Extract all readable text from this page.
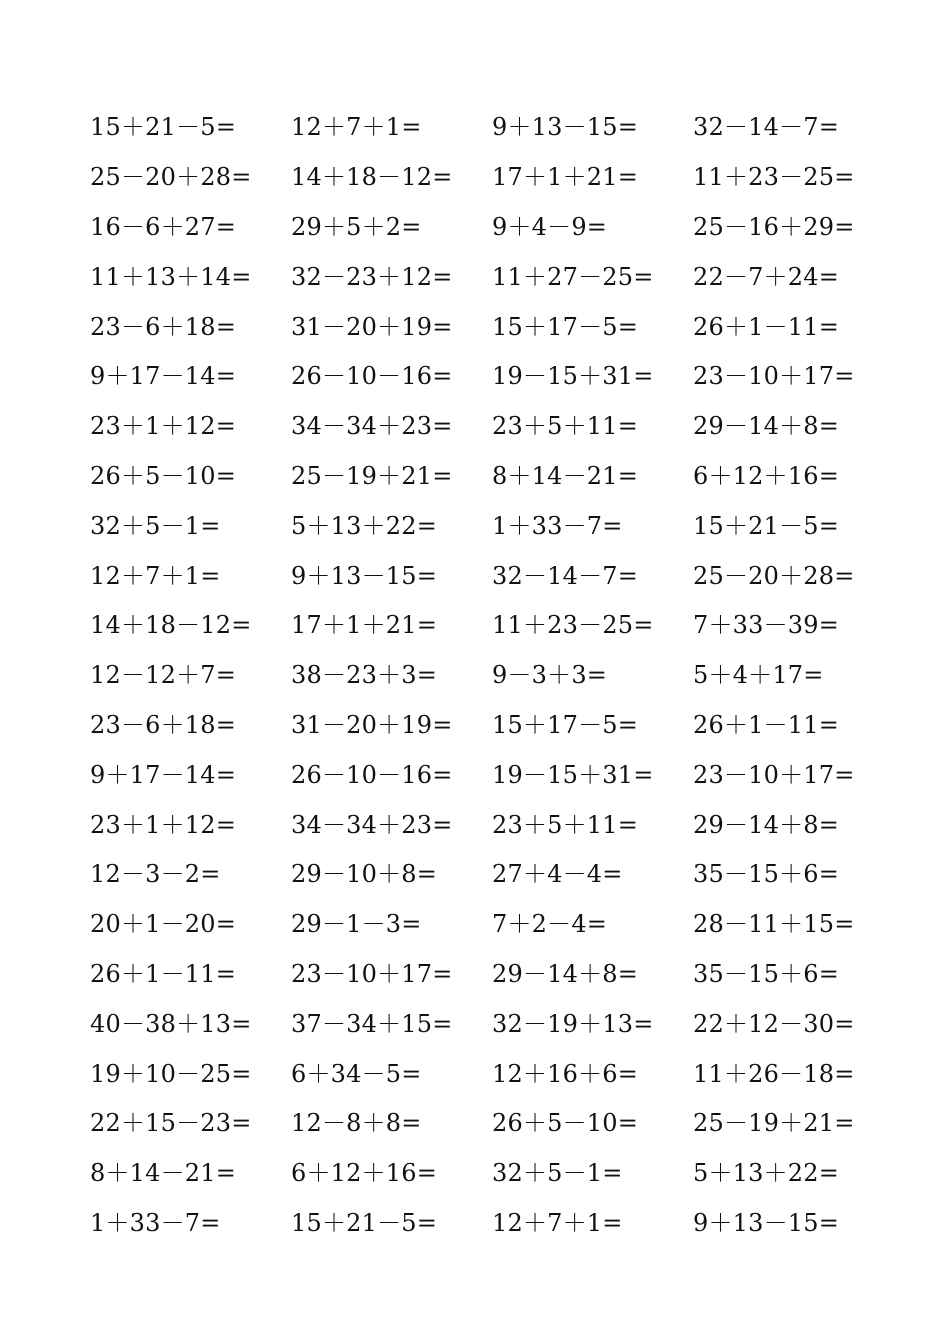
15＋21－5=	12＋7＋1=	9＋13－15=	32－14－7=
25－20＋28=	14＋18－12=	17＋1＋21=	11＋23－25=
16－6＋27=	29＋5＋2=	9＋4－9=	25－16＋29=
11＋13＋14=	32－23＋12=	11＋27－25=	22－7＋24=
23－6＋18=	31－20＋19=	15＋17－5=	26＋1－11=
9＋17－14=	26－10－16=	19－15＋31=	23－10＋17=
23＋1＋12=	34－34＋23=	23＋5＋11=	29－14＋8=
26＋5－10=	25－19＋21=	8＋14－21=	6＋12＋16=
32＋5－1=	5＋13＋22=	1＋33－7=	15＋21－5=
12＋7＋1=	9＋13－15=	32－14－7=	25－20＋28=
14＋18－12=	17＋1＋21=	11＋23－25=	7＋33－39=
12－12＋7=	38－23＋3=	9－3＋3=	5＋4＋17=
23－6＋18=	31－20＋19=	15＋17－5=	26＋1－11=
9＋17－14=	26－10－16=	19－15＋31=	23－10＋17=
23＋1＋12=	34－34＋23=	23＋5＋11=	29－14＋8=
12－3－2=	29－10＋8=	27＋4－4=	35－15＋6=
20＋1－20=	29－1－3=	7＋2－4=	28－11＋15=
26＋1－11=	23－10＋17=	29－14＋8=	35－15＋6=
40－38＋13=	37－34＋15=	32－19＋13=	22＋12－30=
19＋10－25=	6＋34－5=	12＋16＋6=	11＋26－18=
22＋15－23=	12－8＋8=	26＋5－10=	25－19＋21=
8＋14－21=	6＋12＋16=	32＋5－1=	5＋13＋22=
1＋33－7=	15＋21－5=	12＋7＋1=	9＋13－15=
